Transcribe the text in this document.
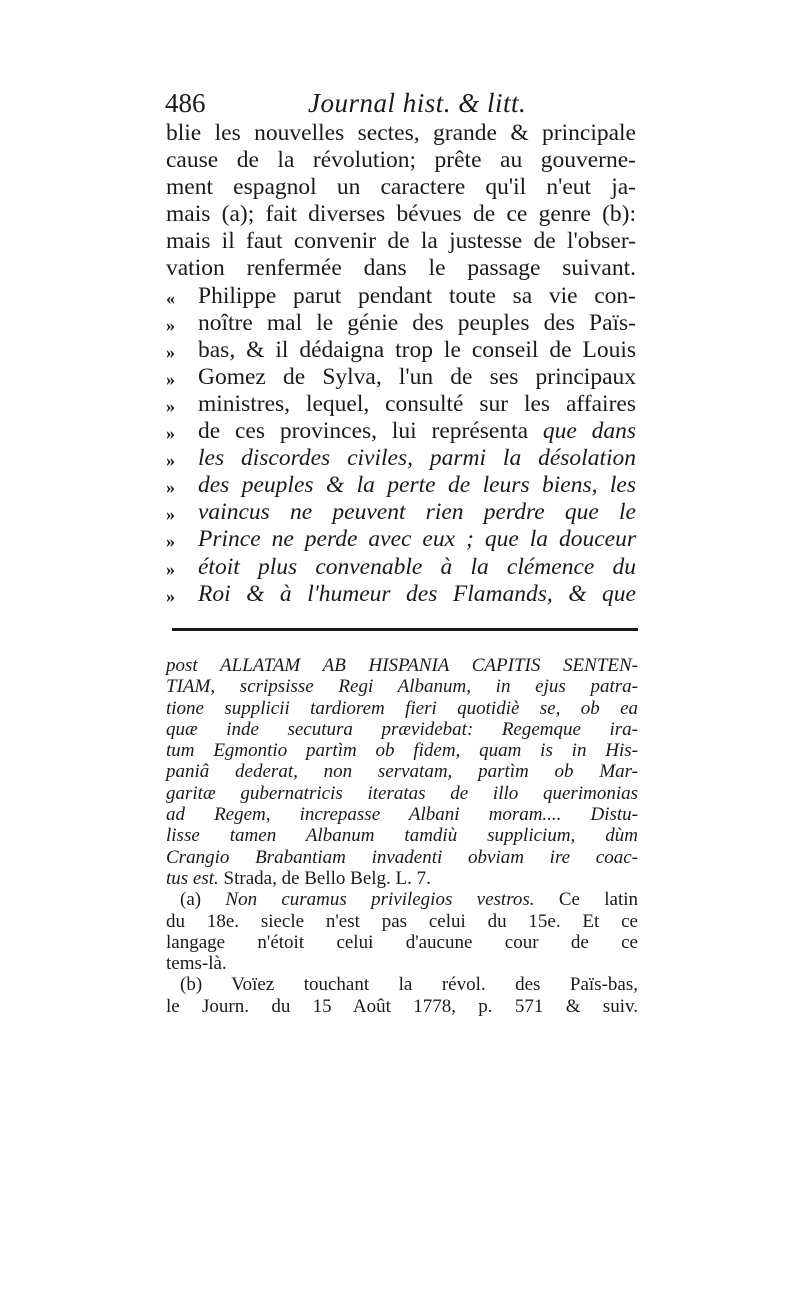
486	Journal hist. & litt.
blie les nouvelles sectes, grande & principale
cause de la révolution; prête au gouverne-
ment espagnol un caractere qu'il n'eut ja-
mais (a); fait diverses bévues de ce genre (b):
mais il faut convenir de la justesse de l'obser-
vation renfermée dans le passage suivant.
« Philippe parut pendant toute sa vie con-
» noître mal le génie des peuples des Païs-
» bas, & il dédaigna trop le conseil de Louis
» Gomez de Sylva, l'un de ses principaux
» ministres, lequel, consulté sur les affaires
» de ces provinces, lui représenta que dans
» les discordes civiles, parmi la désolation
» des peuples & la perte de leurs biens, les
» vaincus ne peuvent rien perdre que le
» Prince ne perde avec eux ; que la douceur
» étoit plus convenable à la clémence du
» Roi & à l'humeur des Flamands, & que
post ALLATAM AB HISPANIA CAPITIS SENTEN-
TIAM, scripsisse Regi Albanum, in ejus patra-
tione supplicii tardiorem fieri quotidiè se, ob ea
quæ inde secutura prævidebat: Regemque ira-
tum Egmontio partìm ob fidem, quam is in His-
paniâ dederat, non servatam, partìm ob Mar-
garitæ gubernatricis iteratas de illo querimonias
ad Regem, increpasse Albani moram.... Distu-
lisse tamen Albanum tamdiù supplicium, dùm
Crangio Brabantiam invadenti obviam ire coac-
tus est. Strada, de Bello Belg. L. 7.
(a) Non curamus privilegios vestros. Ce latin
du 18e. siecle n'est pas celui du 15e. Et ce
langage n'étoit celui d'aucune cour de ce
tems-là.
(b) Voïez touchant la révol. des Païs-bas,
le Journ. du 15 Août 1778, p. 571 & suiv.
